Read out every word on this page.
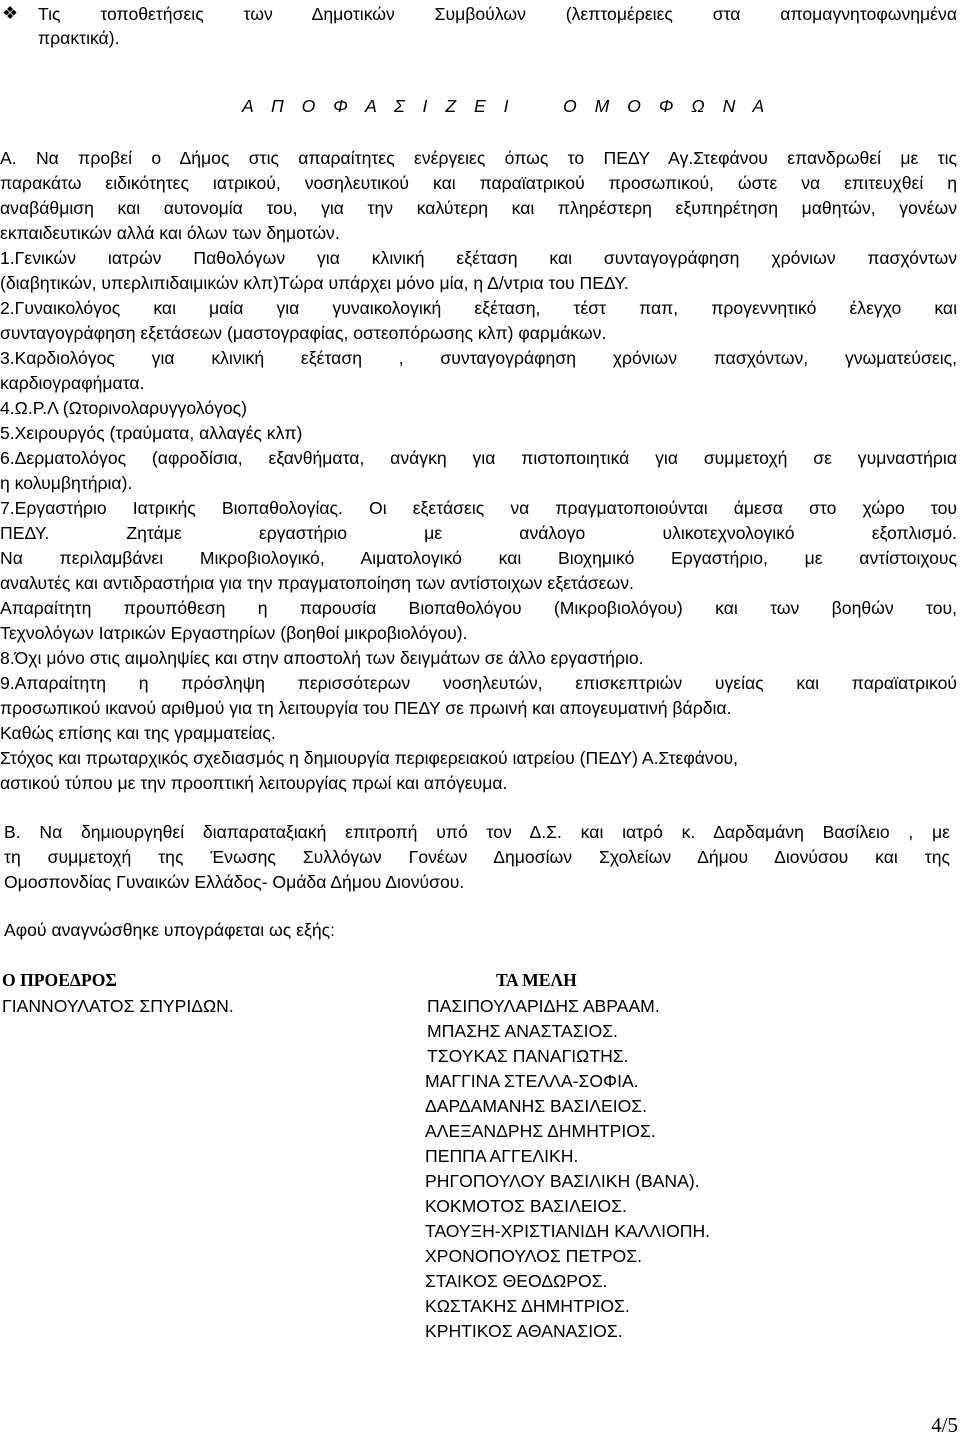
❖ Τις τοποθετήσεις των Δημοτικών Συμβούλων (λεπτομέρειες στα απομαγνητοφωνημένα
πρακτικά).
Α Π Ο Φ Α Σ Ι Ζ Ε Ι	Ο Μ Ο Φ Ω Ν Α
Α. Να προβεί ο Δήμος στις απαραίτητες ενέργειες όπως το ΠΕΔΥ Αγ.Στεφάνου επανδρωθεί με τις
παρακάτω ειδικότητες ιατρικού, νοσηλευτικού και παραϊατρικού προσωπικού, ώστε να επιτευχθεί η
αναβάθμιση και αυτονομία του, για την καλύτερη και πληρέστερη εξυπηρέτηση μαθητών, γονέων
εκπαιδευτικών αλλά και όλων των δημοτών.
1.Γενικών ιατρών Παθολόγων για κλινική εξέταση και συνταγογράφηση χρόνιων πασχόντων
(διαβητικών, υπερλιπιδαιμικών κλπ)Τώρα υπάρχει μόνο μία, η Δ/ντρια του ΠΕΔΥ.
2.Γυναικολόγος και μαία για γυναικολογική εξέταση, τέστ παπ, προγεννητικό έλεγχο και
συνταγογράφηση εξετάσεων (μαστογραφίας, οστεοπόρωσης κλπ) φαρμάκων.
3.Καρδιολόγος για κλινική εξέταση , συνταγογράφηση χρόνιων πασχόντων, γνωματεύσεις,
καρδιογραφήματα.
4.Ω.Ρ.Λ (Ωτορινολαρυγγολόγος)
5.Χειρουργός (τραύματα, αλλαγές κλπ)
6.Δερματολόγος (αφροδίσια, εξανθήματα, ανάγκη για πιστοποιητικά για συμμετοχή σε γυμναστήρια
η κολυμβητήρια).
7.Εργαστήριο Ιατρικής Βιοπαθολογίας. Οι εξετάσεις να πραγματοποιούνται άμεσα στο χώρο του
ΠΕΔΥ. Ζητάμε εργαστήριο με ανάλογο υλικοτεχνολογικό εξοπλισμό.
Να περιλαμβάνει Μικροβιολογικό, Αιματολογικό και Βιοχημικό Εργαστήριο, με αντίστοιχους
αναλυτές και αντιδραστήρια για την πραγματοποίηση των αντίστοιχων εξετάσεων.
Απαραίτητη προυπόθεση η παρουσία Βιοπαθολόγου (Μικροβιολόγου) και των βοηθών του,
Τεχνολόγων Ιατρικών Εργαστηρίων (βοηθοί μικροβιολόγου).
8.Όχι μόνο στις αιμοληψίες και στην αποστολή των δειγμάτων σε άλλο εργαστήριο.
9.Απαραίτητη η πρόσληψη περισσότερων νοσηλευτών, επισκεπτριών υγείας και παραϊατρικού
προσωπικού ικανού αριθμού για τη λειτουργία του ΠΕΔΥ σε πρωινή και απογευματινή βάρδια.
Καθώς επίσης και της γραμματείας.
Στόχος και πρωταρχικός σχεδιασμός η δημιουργία περιφερειακού ιατρείου (ΠΕΔΥ) Α.Στεφάνου,
αστικού τύπου με την προοπτική λειτουργίας πρωί και απόγευμα.
Β. Να δημιουργηθεί διαπαραταξιακή επιτροπή υπό τον Δ.Σ. και ιατρό κ. Δαρδαμάνη Βασίλειο , με
τη συμμετοχή της Ένωσης Συλλόγων Γονέων Δημοσίων Σχολείων Δήμου Διονύσου και της
Ομοσπονδίας Γυναικών Ελλάδος- Ομάδα Δήμου Διονύσου.
Αφού αναγνώσθηκε υπογράφεται ως εξής:
Ο ΠΡΟΕΔΡΟΣ
ΓΙΑΝΝΟΥΛΑΤΟΣ ΣΠΥΡΙΔΩΝ.
ΤΑ ΜΕΛΗ
ΠΑΣΙΠΟΥΛΑΡΙΔΗΣ ΑΒΡΑΑΜ.
ΜΠΑΣΗΣ ΑΝΑΣΤΑΣΙΟΣ.
ΤΣΟΥΚΑΣ ΠΑΝΑΓΙΩΤΗΣ.
ΜΑΓΓΙΝΑ ΣΤΕΛΛΑ-ΣΟΦΙΑ.
ΔΑΡΔΑΜΑΝΗΣ ΒΑΣΙΛΕΙΟΣ.
ΑΛΕΞΑΝΔΡΗΣ ΔΗΜΗΤΡΙΟΣ.
ΠΕΠΠΑ ΑΓΓΕΛΙΚΗ.
ΡΗΓΟΠΟΥΛΟΥ ΒΑΣΙΛΙΚΗ (ΒΑΝΑ).
ΚΟΚΜΟΤΟΣ ΒΑΣΙΛΕΙΟΣ.
ΤΑΟΥΞΗ-ΧΡΙΣΤΙΑΝΙΔΗ ΚΑΛΛΙΟΠΗ.
ΧΡΟΝΟΠΟΥΛΟΣ ΠΕΤΡΟΣ.
ΣΤΑΙΚΟΣ ΘΕΟΔΩΡΟΣ.
ΚΩΣΤΑΚΗΣ ΔΗΜΗΤΡΙΟΣ.
ΚΡΗΤΙΚΟΣ ΑΘΑΝΑΣΙΟΣ.
4/5
